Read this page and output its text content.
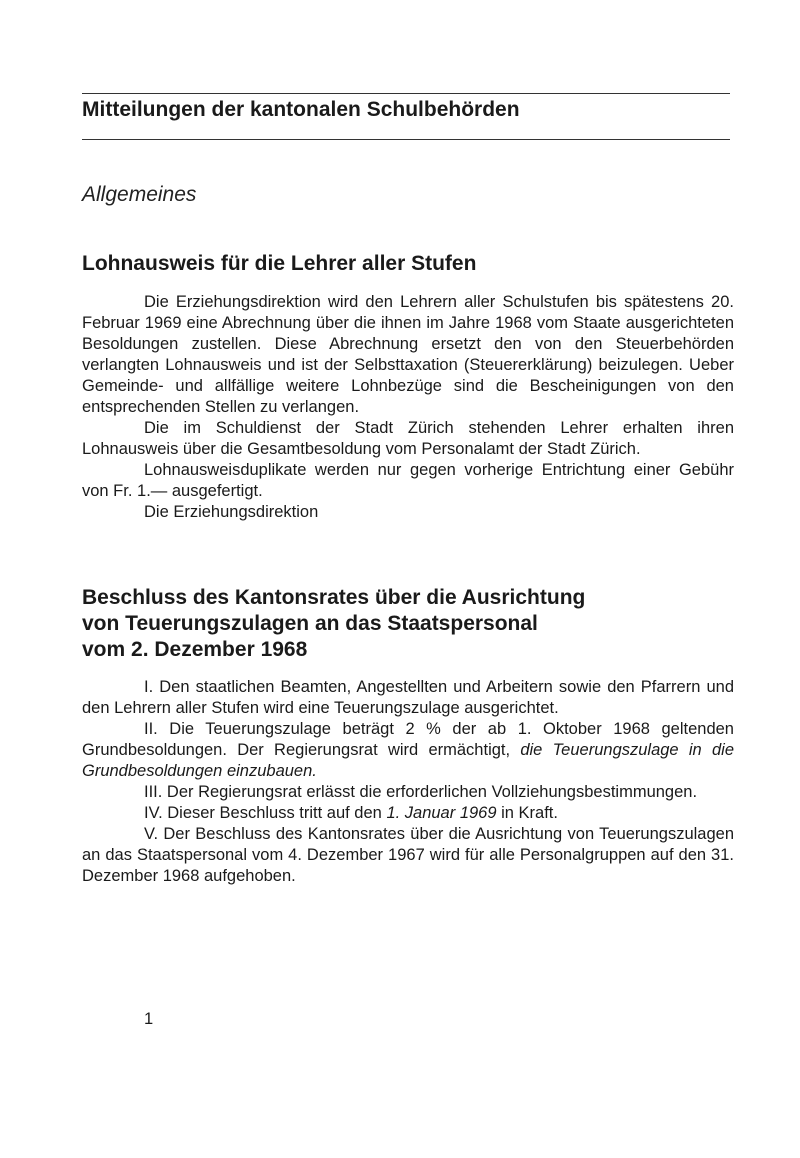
Mitteilungen der kantonalen Schulbehörden
Allgemeines
Lohnausweis für die Lehrer aller Stufen

Die Erziehungsdirektion wird den Lehrern aller Schulstufen bis spätestens 20. Februar 1969 eine Abrechnung über die ihnen im Jahre 1968 vom Staate ausgerichteten Besoldungen zustellen. Diese Abrechnung ersetzt den von den Steuerbehörden verlangten Lohnausweis und ist der Selbsttaxation (Steuererklärung) beizulegen. Ueber Gemeinde- und allfällige weitere Lohnbezüge sind die Bescheinigungen von den entsprechenden Stellen zu verlangen.

Die im Schuldienst der Stadt Zürich stehenden Lehrer erhalten ihren Lohnausweis über die Gesamtbesoldung vom Personalamt der Stadt Zürich.

Lohnausweisduplikate werden nur gegen vorherige Entrichtung einer Gebühr von Fr. 1.— ausgefertigt.

Die Erziehungsdirektion

Beschluss des Kantonsrates über die Ausrichtung
von Teuerungszulagen an das Staatspersonal
vom 2. Dezember 1968

I. Den staatlichen Beamten, Angestellten und Arbeitern sowie den Pfarrern und den Lehrern aller Stufen wird eine Teuerungszulage ausgerichtet.

II. Die Teuerungszulage beträgt 2 % der ab 1. Oktober 1968 geltenden Grundbesoldungen. Der Regierungsrat wird ermächtigt, die Teuerungszulage in die Grundbesoldungen einzubauen.

III. Der Regierungsrat erlässt die erforderlichen Vollziehungsbestimmungen.

IV. Dieser Beschluss tritt auf den 1. Januar 1969 in Kraft.

V. Der Beschluss des Kantonsrates über die Ausrichtung von Teuerungszulagen an das Staatspersonal vom 4. Dezember 1967 wird für alle Personalgruppen auf den 31. Dezember 1968 aufgehoben.

1
